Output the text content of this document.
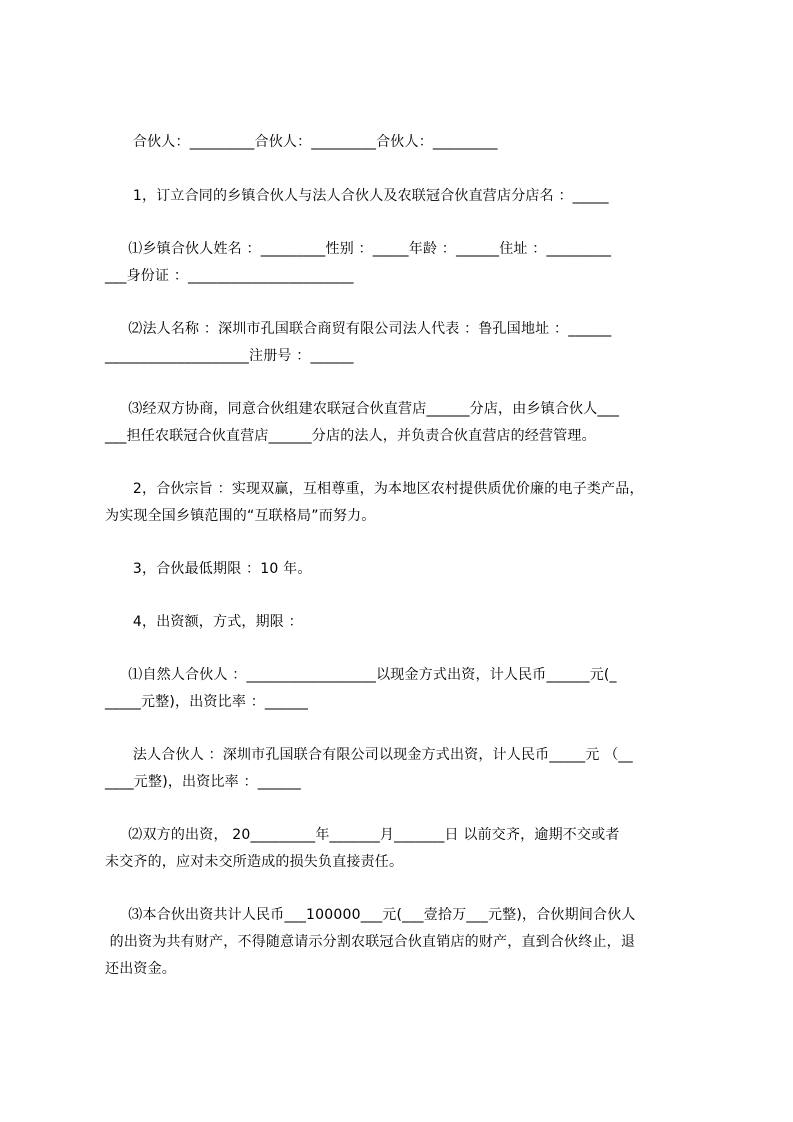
合伙人：_________合伙人：_________合伙人：_________
1，订立合同的乡镇合伙人与法人合伙人及农联冠合伙直营店分店名 ：_____
⑴乡镇合伙人姓名 ：_________性别 ：_____年龄 ：______住址 ：_________
___身份证 ：_______________________
⑵法人名称 ：深圳市孔国联合商贸有限公司法人代表 ：鲁孔国地址 ：______
____________________注册号 ：______
⑶经双方协商，同意合伙组建农联冠合伙直营店______分店，由乡镇合伙人___
___担任农联冠合伙直营店______分店的法人，并负责合伙直营店的经营管理。
2，合伙宗旨 ：实现双赢，互相尊重，为本地区农村提供质优价廉的电子类产品，
为实现全国乡镇范围的“互联格局”而努力。
3，合伙最低期限 ：10 年。
4，出资额，方式，期限 ：
⑴自然人合伙人 ：__________________以现金方式出资，计人民币______元(_
_____元整)，出资比率 ：______
法人合伙人 ：深圳市孔国联合有限公司以现金方式出资，计人民币_____元 （__
____元整)，出资比率 ：______
⑵双方的出资， 20_________年_______月_______日 以前交齐，逾期不交或者
未交齐的，应对未交所造成的损失负直接责任。
⑶本合伙出资共计人民币___100000___元(___壹拾万___元整)，合伙期间合伙人
的出资为共有财产，不得随意请示分割农联冠合伙直销店的财产，直到合伙终止，退
还出资金。
